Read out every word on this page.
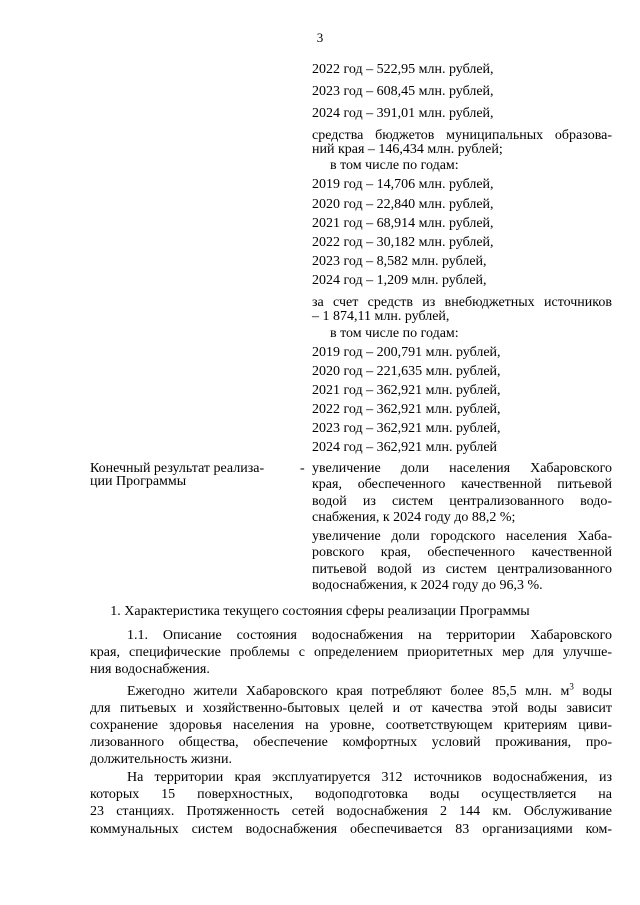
3
2022 год – 522,95 млн. рублей,
2023 год – 608,45 млн. рублей,
2024 год – 391,01 млн. рублей,
средства бюджетов муниципальных образова-
ний края – 146,434 млн. рублей;
в том числе по годам:
2019 год – 14,706 млн. рублей,
2020 год – 22,840 млн. рублей,
2021 год – 68,914 млн. рублей,
2022 год – 30,182 млн. рублей,
2023 год – 8,582 млн. рублей,
2024 год – 1,209 млн. рублей,
за счет средств из внебюджетных источников
– 1 874,11 млн. рублей,
в том числе по годам:
2019 год – 200,791 млн. рублей,
2020 год – 221,635 млн. рублей,
2021 год – 362,921 млн. рублей,
2022 год – 362,921 млн. рублей,
2023 год – 362,921 млн. рублей,
2024 год – 362,921 млн. рублей
увеличение доли населения Хабаровского
края, обеспеченного качественной питьевой
водой из систем централизованного водо-
снабжения, к 2024 году до 88,2 %;
увеличение доли городского населения Хаба-
ровского края, обеспеченного качественной
питьевой водой из систем централизованного
водоснабжения, к 2024 году до 96,3 %.
Конечный результат реализа-
ции Программы
-
1. Характеристика текущего состояния сферы реализации Программы
1.1. Описание состояния водоснабжения на территории Хабаровского
края, специфические проблемы с определением приоритетных мер для улучше-
ния водоснабжения.
Ежегодно жители Хабаровского края потребляют более 85,5 млн. $м^3$ воды
для питьевых и хозяйственно-бытовых целей и от качества этой воды зависит
сохранение здоровья населения на уровне, соответствующем критериям циви-
лизованного общества, обеспечение комфортных условий проживания, про-
должительность жизни.
На территории края эксплуатируется 312 источников водоснабжения, из
которых 15 поверхностных, водоподготовка воды осуществляется на
23 станциях. Протяженность сетей водоснабжения 2 144 км. Обслуживание
коммунальных систем водоснабжения обеспечивается 83 организациями ком-
